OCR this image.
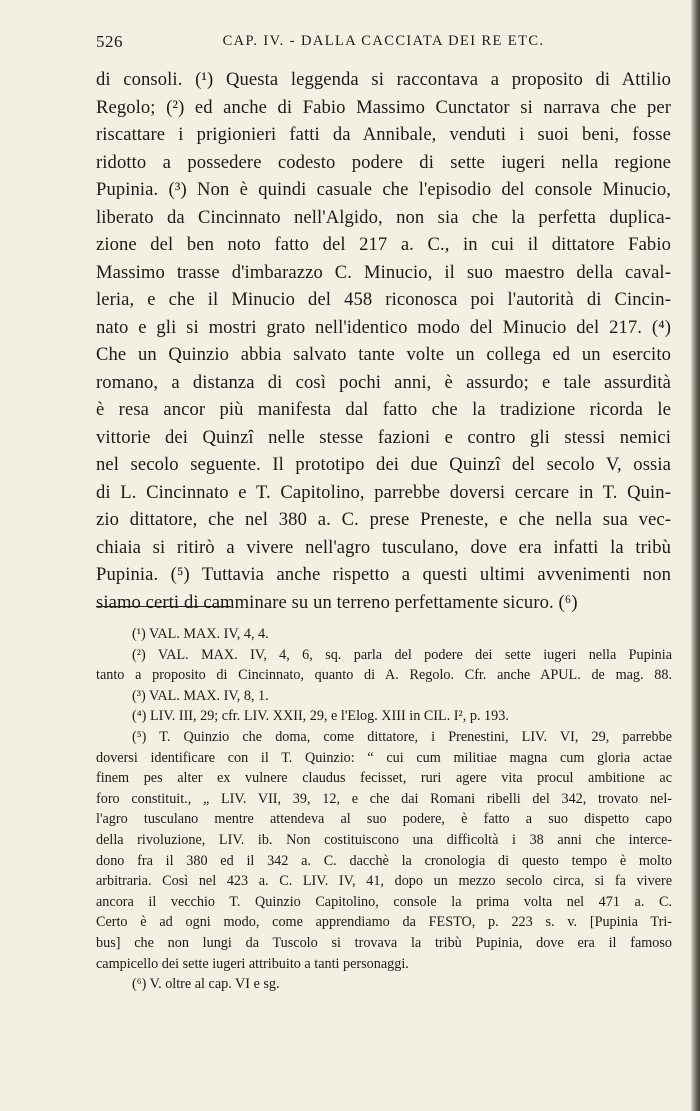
526	CAP. IV. - DALLA CACCIATA DEI RE ETC.
di consoli. (¹) Questa leggenda si raccontava a proposito di Attilio
Regolo; (²) ed anche di Fabio Massimo Cunctator si narrava che per
riscattare i prigionieri fatti da Annibale, venduti i suoi beni, fosse
ridotto a possedere codesto podere di sette iugeri nella regione
Pupinia. (³) Non è quindi casuale che l'episodio del console Minucio,
liberato da Cincinnato nell'Algido, non sia che la perfetta duplica-
zione del ben noto fatto del 217 a. C., in cui il dittatore Fabio
Massimo trasse d'imbarazzo C. Minucio, il suo maestro della caval-
leria, e che il Minucio del 458 riconosca poi l'autorità di Cincin-
nato e gli si mostri grato nell'identico modo del Minucio del 217. (⁴)
Che un Quinzio abbia salvato tante volte un collega ed un esercito
romano, a distanza di così pochi anni, è assurdo; e tale assurdità
è resa ancor più manifesta dal fatto che la tradizione ricorda le
vittorie dei Quinzî nelle stesse fazioni e contro gli stessi nemici
nel secolo seguente. Il prototipo dei due Quinzî del secolo V, ossia
di L. Cincinnato e T. Capitolino, parrebbe doversi cercare in T. Quin-
zio dittatore, che nel 380 a. C. prese Preneste, e che nella sua vec-
chiaia si ritirò a vivere nell'agro tusculano, dove era infatti la tribù
Pupinia. (⁵) Tuttavia anche rispetto a questi ultimi avvenimenti non
siamo certi di camminare su un terreno perfettamente sicuro. (⁶)
(¹) VAL. MAX. IV, 4, 4.
(²) VAL. MAX. IV, 4, 6, sq. parla del podere dei sette iugeri nella Pupinia
tanto a proposito di Cincinnato, quanto di A. Regolo. Cfr. anche APUL. de mag. 88.
(³) VAL. MAX. IV, 8, 1.
(⁴) LIV. III, 29; cfr. LIV. XXII, 29, e l'Elog. XIII in CIL. I², p. 193.
(⁵) T. Quinzio che doma, come dittatore, i Prenestini, LIV. VI, 29, parrebbe
doversi identificare con il T. Quinzio: “ cui cum militiae magna cum gloria actae
finem pes alter ex vulnere claudus fecisset, ruri agere vita procul ambitione ac
foro constituit., „ LIV. VII, 39, 12, e che dai Romani ribelli del 342, trovato nel-
l'agro tusculano mentre attendeva al suo podere, è fatto a suo dispetto capo
della rivoluzione, LIV. ib. Non costituiscono una difficoltà i 38 anni che interce-
dono fra il 380 ed il 342 a. C. dacchè la cronologia di questo tempo è molto
arbitraria. Così nel 423 a. C. LIV. IV, 41, dopo un mezzo secolo circa, si fa vivere
ancora il vecchio T. Quinzio Capitolino, console la prima volta nel 471 a. C.
Certo è ad ogni modo, come apprendiamo da FESTO, p. 223 s. v. [Pupinia Tri-
bus] che non lungi da Tuscolo si trovava la tribù Pupinia, dove era il famoso
campicello dei sette iugeri attribuito a tanti personaggi.
(⁶) V. oltre al cap. VI e sg.
